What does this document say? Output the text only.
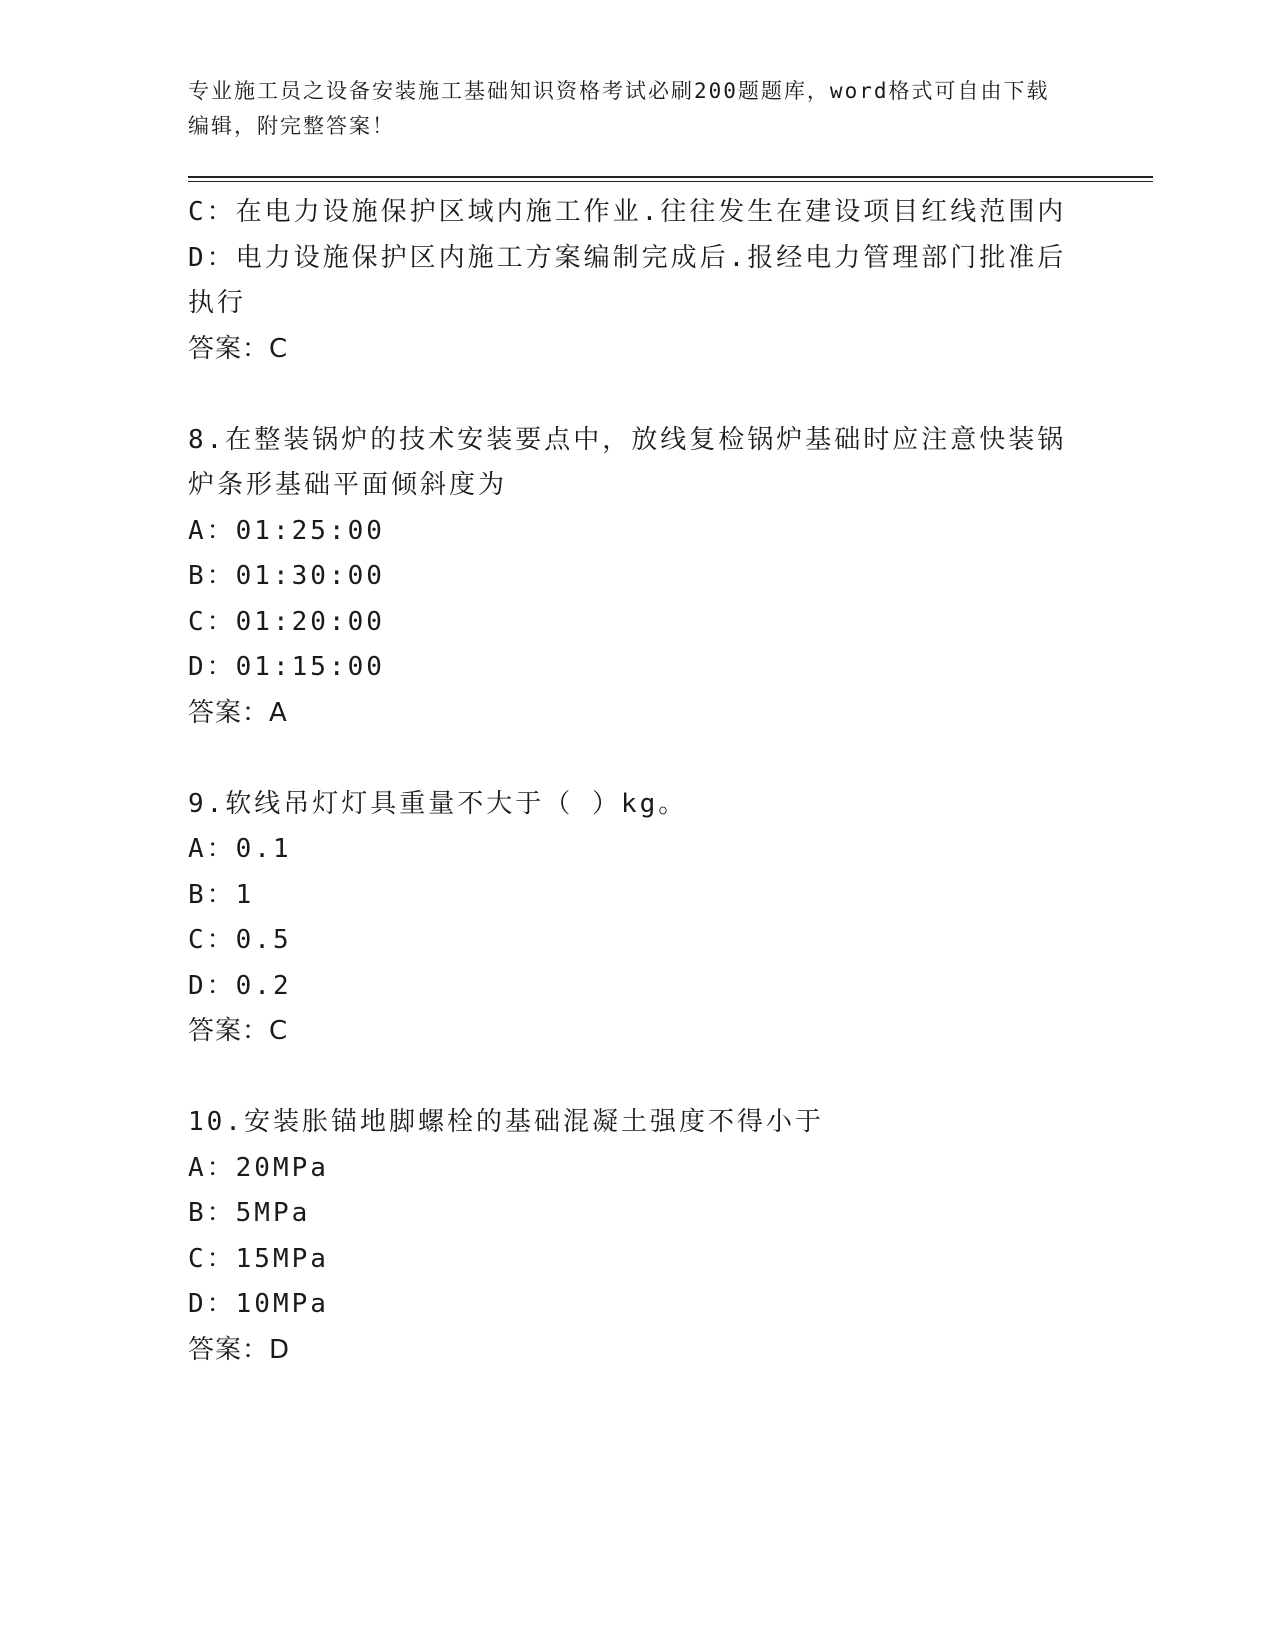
专业施工员之设备安装施工基础知识资格考试必刷200题题库，word格式可自由下载编辑，附完整答案！
C：在电力设施保护区域内施工作业.往往发生在建设项目红线范围内
D：电力设施保护区内施工方案编制完成后.报经电力管理部门批准后执行
答案：C
8.在整装锅炉的技术安装要点中，放线复检锅炉基础时应注意快装锅炉条形基础平面倾斜度为
A：01:25:00
B：01:30:00
C：01:20:00
D：01:15:00
答案：A
9.软线吊灯灯具重量不大于（ ）kg。
A：0.1
B：1
C：0.5
D：0.2
答案：C
10.安装胀锚地脚螺栓的基础混凝土强度不得小于
A：20MPa
B：5MPa
C：15MPa
D：10MPa
答案：D
